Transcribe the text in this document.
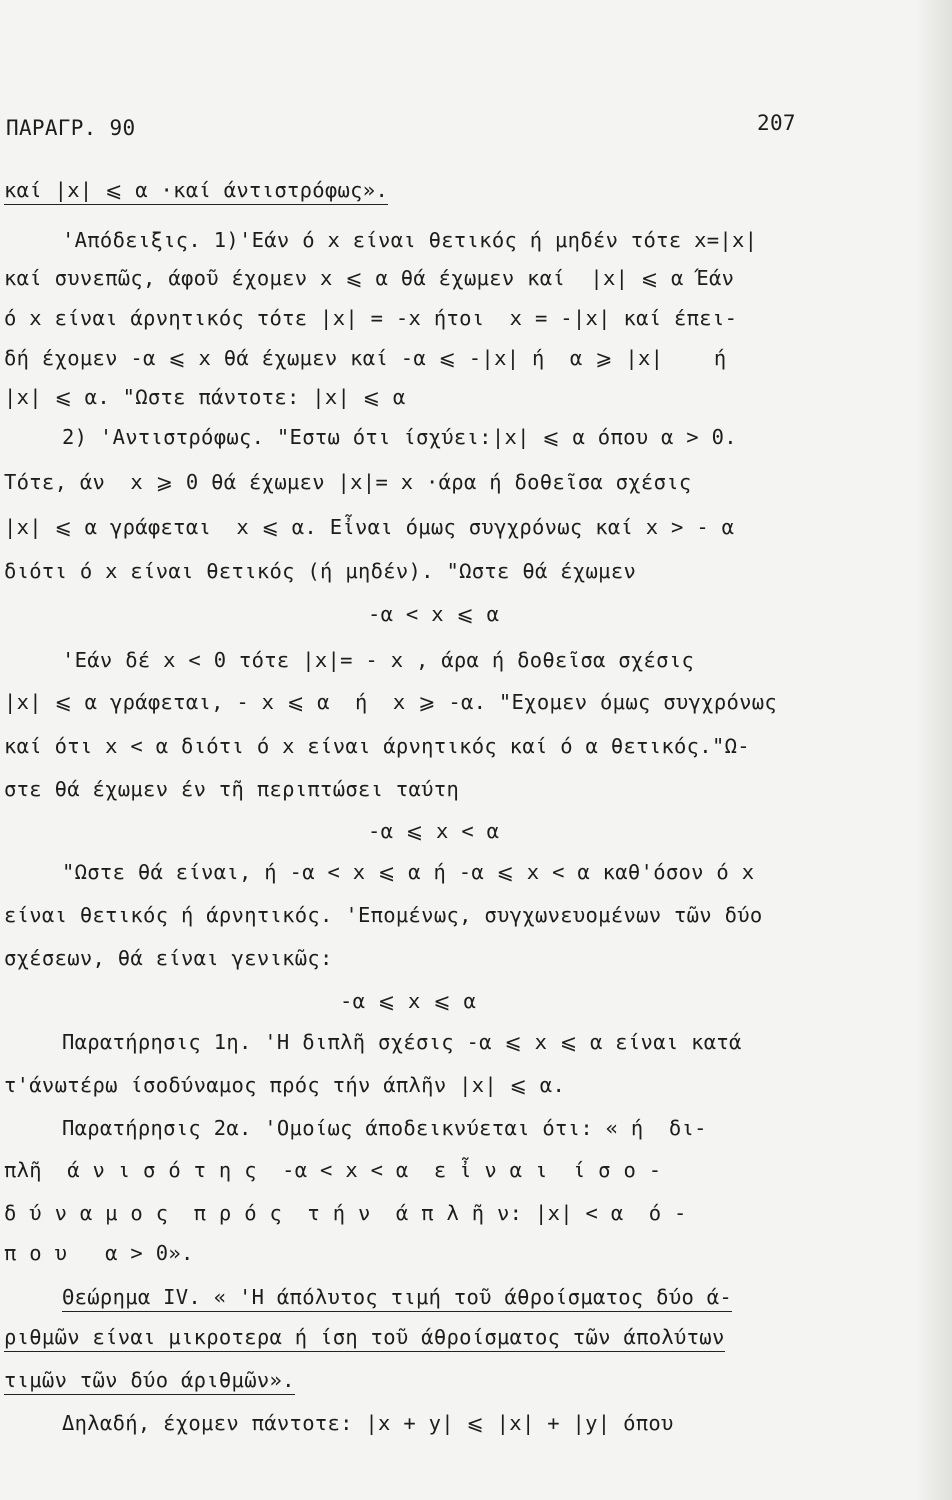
ΠΑΡΑΓΡ. 90	207
καί |x| ⩽ α ·καί άντιστρόφως».
'Απόδειξις. 1)'Εάν ό x είναι θετικός ή μηδέν τότε x=|x|
καί συνεπῶς, άφοῦ έχομεν x ⩽ α θά έχωμεν καί  |x| ⩽ α Έάν
ό x είναι άρνητικός τότε |x| = -x ήτοι  x = -|x| καί έπει-
δή έχομεν -α ⩽ x θά έχωμεν καί -α ⩽ -|x| ή  α ⩾ |x|    ή
|x| ⩽ α. "Ωστε πάντοτε: |x| ⩽ α
2) 'Αντιστρόφως. "Εστω ότι ίσχύει:|x| ⩽ α όπου α > 0.
Τότε, άν  x ⩾ 0 θά έχωμεν |x|= x ·άρα ή δοθεῖσα σχέσις
|x| ⩽ α γράφεται  x ⩽ α. Εἶναι όμως συγχρόνως καί x > - α
διότι ό x είναι θετικός (ή μηδέν). "Ωστε θά έχωμεν
-α < x ⩽ α
'Εάν δέ x < 0 τότε |x|= - x , άρα ή δοθεῖσα σχέσις
|x| ⩽ α γράφεται, - x ⩽ α  ή  x ⩾ -α. "Εχομεν όμως συγχρόνως
καί ότι x < α διότι ό x είναι άρνητικός καί ό α θετικός."Ω-
στε θά έχωμεν έν τῆ περιπτώσει ταύτη
-α ⩽ x < α
"Ωστε θά είναι, ή -α < x ⩽ α ή -α ⩽ x < α καθ'όσον ό x
είναι θετικός ή άρνητικός. 'Επομένως, συγχωνευομένων τῶν δύο
σχέσεων, θά είναι γενικῶς:
-α ⩽ x ⩽ α
Παρατήρησις 1η. 'Η διπλῆ σχέσις -α ⩽ x ⩽ α είναι κατά
τ'άνωτέρω ίσοδύναμος πρός τήν άπλῆν |x| ⩽ α.
Παρατήρησις 2α. 'Ομοίως άποδεικνύεται ότι: « ή  δι-
πλῆ  ά ν ι σ ό τ η ς  -α < x < α  ε ἶ ν α ι  ί σ ο -
δ ύ ν α μ ο ς  π ρ ό ς  τ ή ν  ά π λ ῆ ν: |x| < α  ό -
π ο υ   α > 0».
Θεώρημα IV. « 'Η άπόλυτος τιμή τοῦ άθροίσματος δύο ά-
ριθμῶν είναι μικροτερα ή ίση τοῦ άθροίσματος τῶν άπολύτων
τιμῶν τῶν δύο άριθμῶν».
Δηλαδή, έχομεν πάντοτε: |x + y| ⩽ |x| + |y| όπου
